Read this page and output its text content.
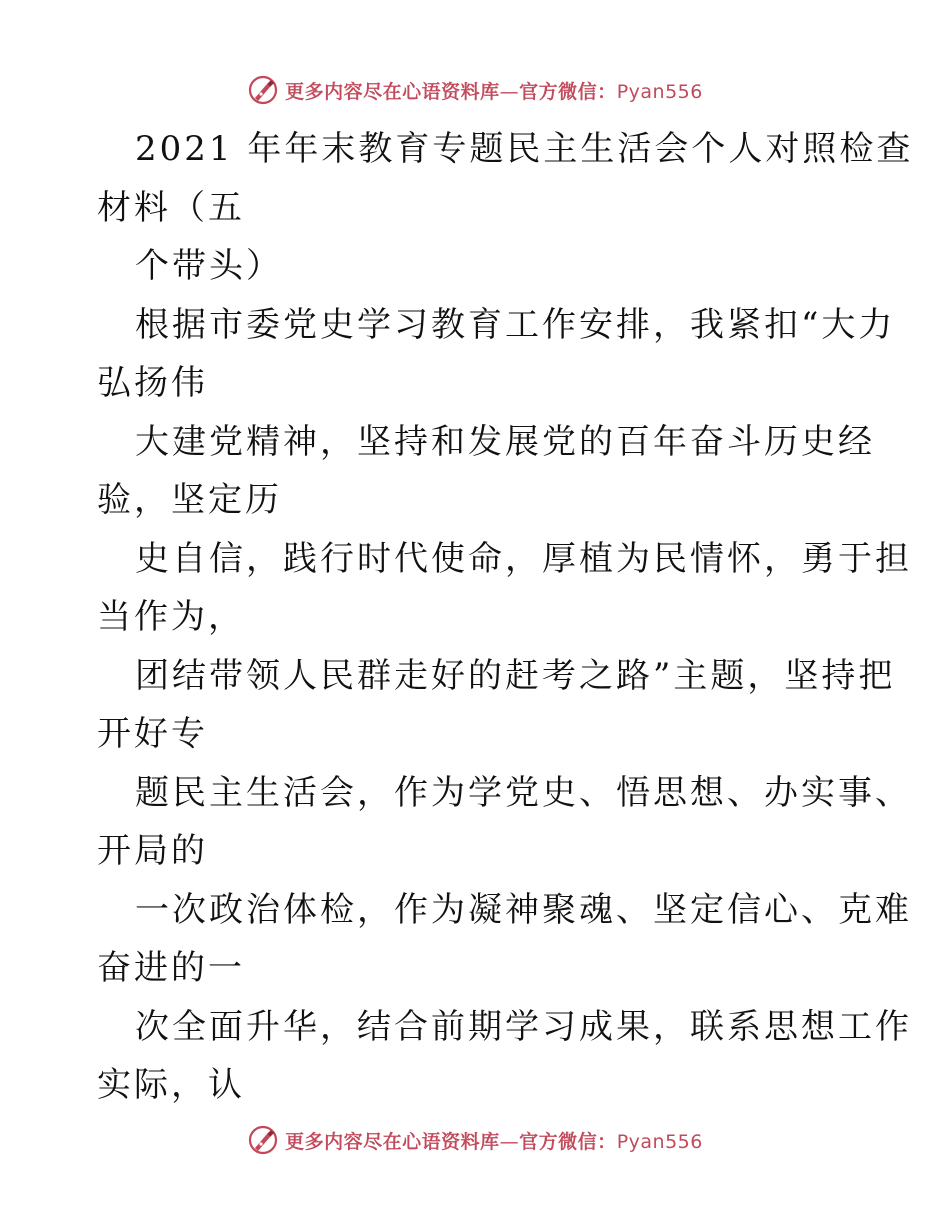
更多内容尽在心语资料库—官方微信：Pyan556
2021 年年末教育专题民主生活会个人对照检查
材料（五
个带头）
根据市委党史学习教育工作安排，我紧扣“大力
弘扬伟
大建党精神，坚持和发展党的百年奋斗历史经
验，坚定历
史自信，践行时代使命，厚植为民情怀，勇于担
当作为，
团结带领人民群走好的赶考之路”主题，坚持把
开好专
题民主生活会，作为学党史、悟思想、办实事、
开局的
一次政治体检，作为凝神聚魂、坚定信心、克难
奋进的一
次全面升华，结合前期学习成果，联系思想工作
实际，认
更多内容尽在心语资料库—官方微信：Pyan556
